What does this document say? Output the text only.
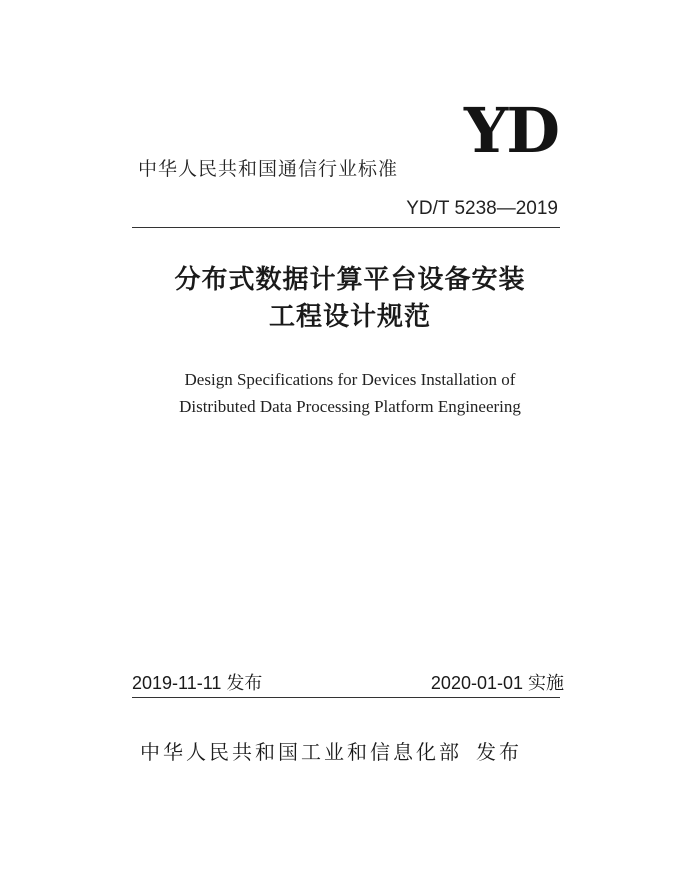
YD
中华人民共和国通信行业标准
YD/T 5238—2019
分布式数据计算平台设备安装
工程设计规范
Design Specifications for Devices Installation of
Distributed Data Processing Platform Engineering
2019-11-11 发布	2020-01-01 实施
中华人民共和国工业和信息化部 发布
